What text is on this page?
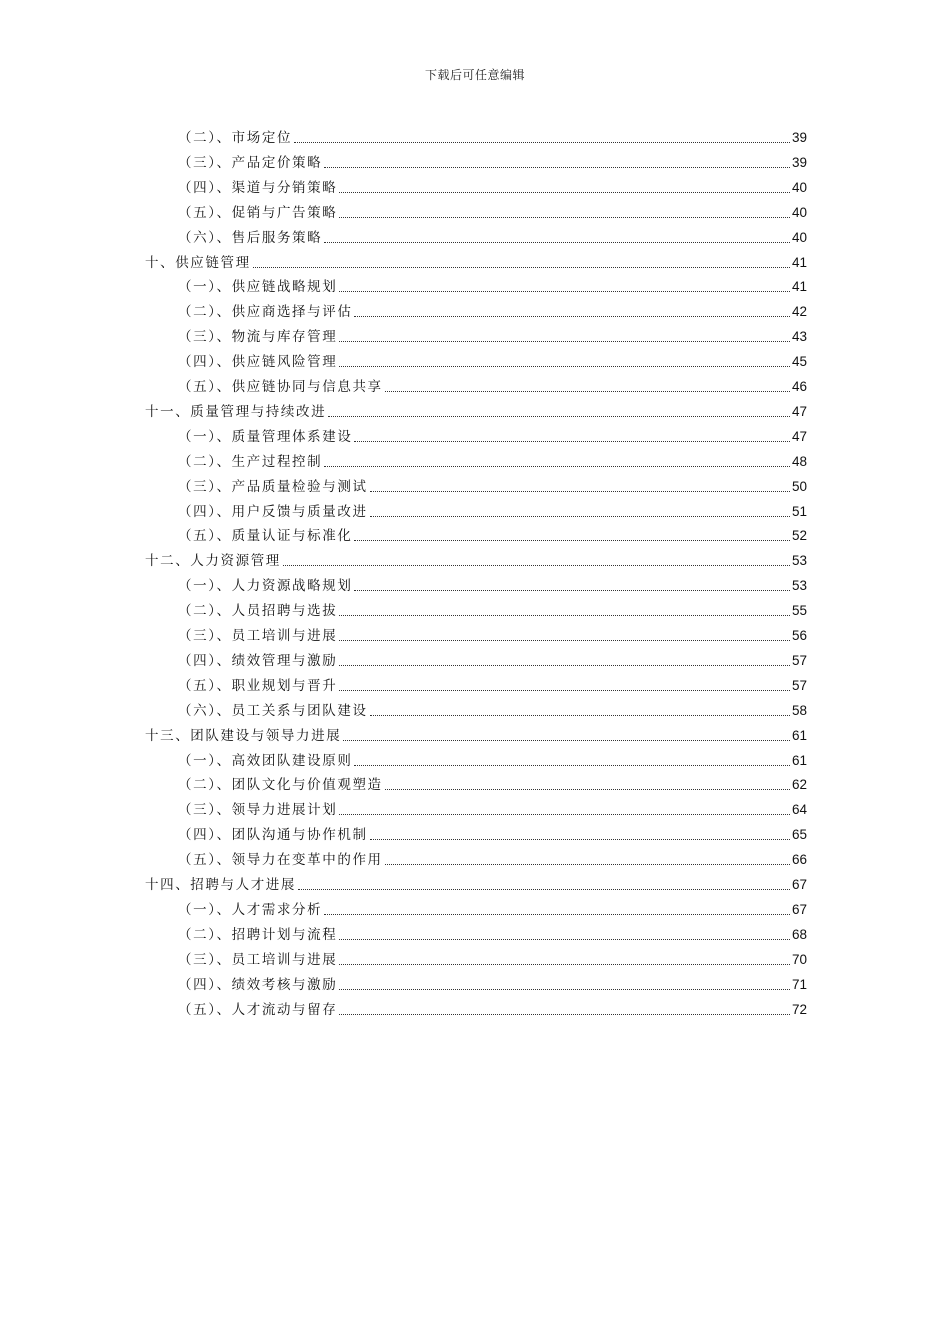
下载后可任意编辑
（二）、市场定位	39
（三）、产品定价策略	39
（四）、渠道与分销策略	40
（五）、促销与广告策略	40
（六）、售后服务策略	40
十、供应链管理	41
（一）、供应链战略规划	41
（二）、供应商选择与评估	42
（三）、物流与库存管理	43
（四）、供应链风险管理	45
（五）、供应链协同与信息共享	46
十一、质量管理与持续改进	47
（一）、质量管理体系建设	47
（二）、生产过程控制	48
（三）、产品质量检验与测试	50
（四）、用户反馈与质量改进	51
（五）、质量认证与标准化	52
十二、人力资源管理	53
（一）、人力资源战略规划	53
（二）、人员招聘与选拔	55
（三）、员工培训与进展	56
（四）、绩效管理与激励	57
（五）、职业规划与晋升	57
（六）、员工关系与团队建设	58
十三、团队建设与领导力进展	61
（一）、高效团队建设原则	61
（二）、团队文化与价值观塑造	62
（三）、领导力进展计划	64
（四）、团队沟通与协作机制	65
（五）、领导力在变革中的作用	66
十四、招聘与人才进展	67
（一）、人才需求分析	67
（二）、招聘计划与流程	68
（三）、员工培训与进展	70
（四）、绩效考核与激励	71
（五）、人才流动与留存	72
